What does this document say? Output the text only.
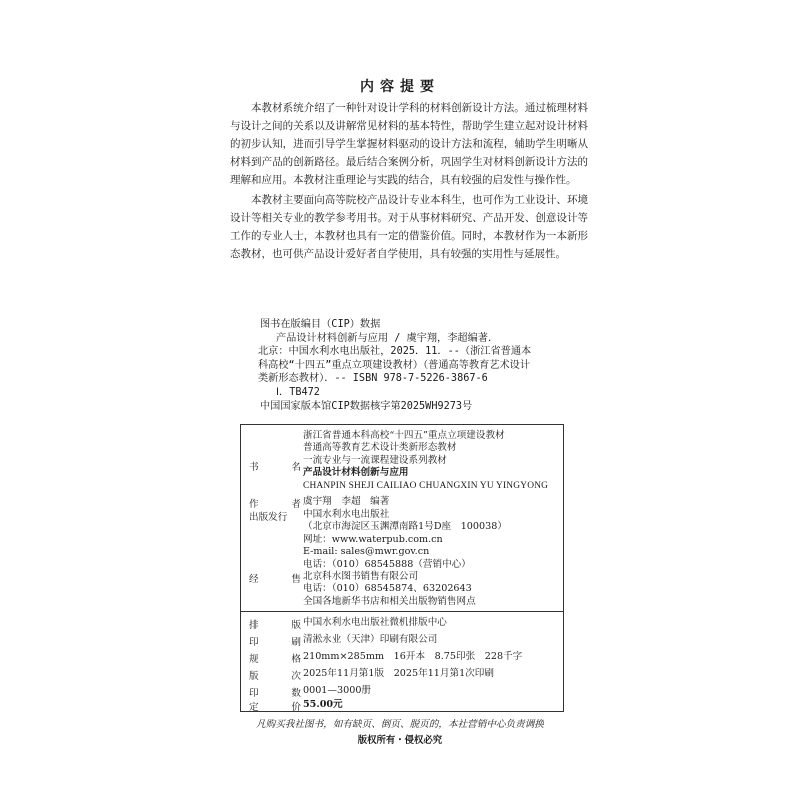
内容提要

本教材系统介绍了一种针对设计学科的材料创新设计方法。通过梳理材料与设计之间的关系以及讲解常见材料的基本特性，帮助学生建立起对设计材料的初步认知，进而引导学生掌握材料驱动的设计方法和流程，辅助学生明晰从材料到产品的创新路径。最后结合案例分析，巩固学生对材料创新设计方法的理解和应用。本教材注重理论与实践的结合，具有较强的启发性与操作性。

本教材主要面向高等院校产品设计专业本科生，也可作为工业设计、环境设计等相关专业的教学参考用书。对于从事材料研究、产品开发、创意设计等工作的专业人士，本教材也具有一定的借鉴价值。同时，本教材作为一本新形态教材，也可供产品设计爱好者自学使用，具有较强的实用性与延展性。

图书在版编目（CIP）数据
产品设计材料创新与应用 / 虞宇翔，李超编著．
北京：中国水利水电出版社，2025．11．--（浙江省普通本科高校“十四五”重点立项建设教材）（普通高等教育艺术设计类新形态教材）．-- ISBN 978-7-5226-3867-6
Ⅰ．TB472
中国国家版本馆CIP数据核字第2025WH9273号
书	名
浙江省普通本科高校“十四五”重点立项建设教材
普通高等教育艺术设计类新形态教材
一流专业与一流课程建设系列教材
产品设计材料创新与应用
CHANPIN SHEJI CAILIAO CHUANGXIN YU YINGYONG
作	者 虞宇翔　李超　编著
出版发行	中国水利水电出版社
（北京市海淀区玉渊潭南路1号D座　100038）
网址：www.waterpub.com.cn
E-mail: sales@mwr.gov.cn
电话：（010）68545888（营销中心）
经	售 北京科水图书销售有限公司
电话：（010）68545874、63202643
全国各地新华书店和相关出版物销售网点
排	版 中国水利水电出版社微机排版中心
印	刷 清淞永业（天津）印刷有限公司
规	格 210mm×285mm　16开本　8.75印张　228千字
版	次 2025年11月第1版　2025年11月第1次印刷
印	数 0001—3000册
定	价 55.00元

凡购买我社图书，如有缺页、倒页、脱页的，本社营销中心负责调换

版权所有・侵权必究
